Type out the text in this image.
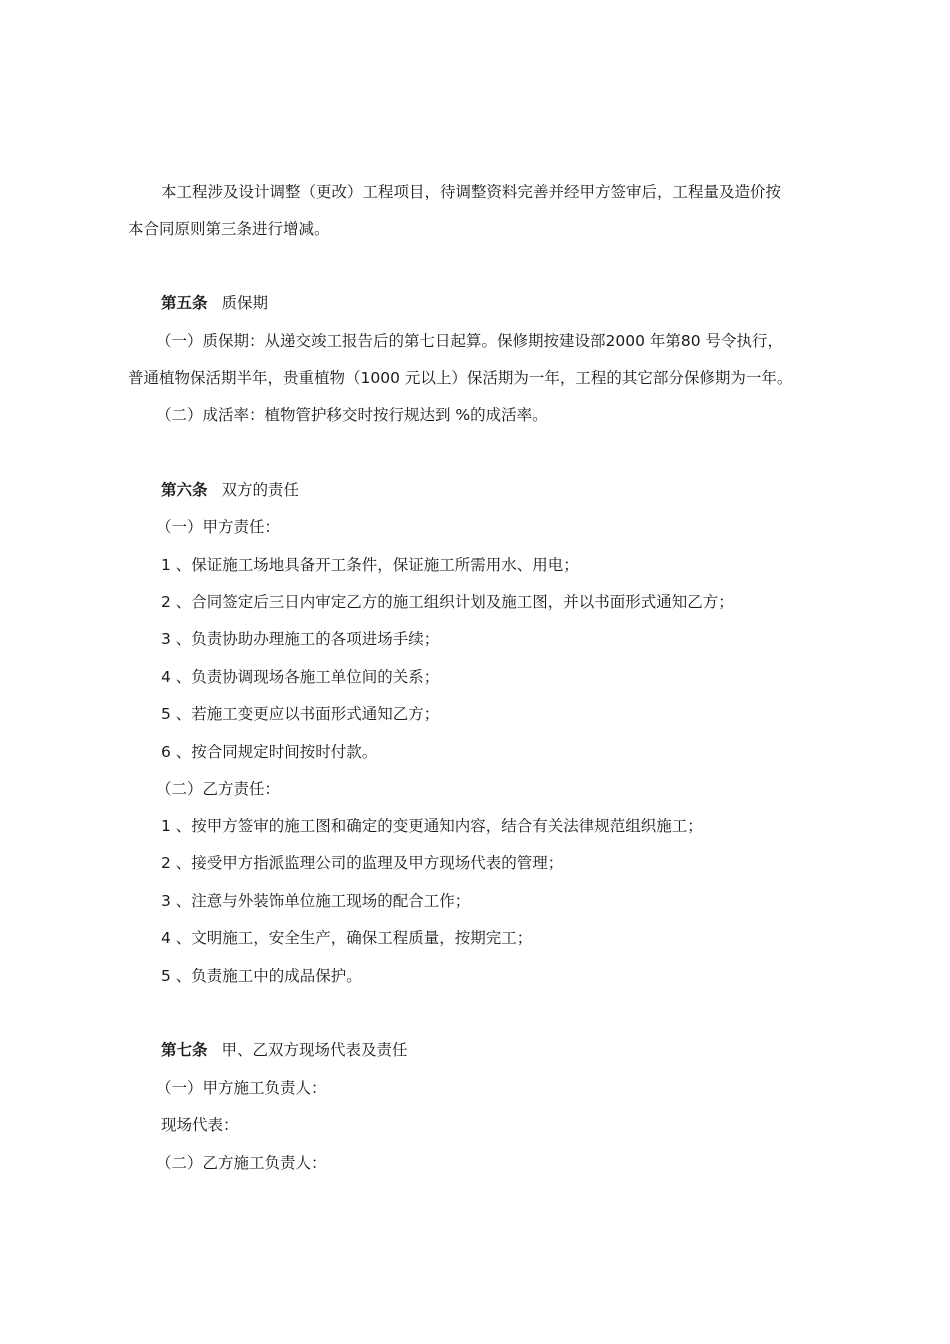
本工程涉及设计调整（更改）工程项目，待调整资料完善并经甲方签审后，工程量及造价按
本合同原则第三条进行增减。
第五条 质保期
（一）质保期：从递交竣工报告后的第七日起算。保修期按建设部2000 年第80 号令执行，
普通植物保活期半年，贵重植物（1000 元以上）保活期为一年，工程的其它部分保修期为一年。
（二）成活率：植物管护移交时按行规达到 %的成活率。
第六条 双方的责任
（一）甲方责任：
1 、保证施工场地具备开工条件，保证施工所需用水、用电；
2 、合同签定后三日内审定乙方的施工组织计划及施工图，并以书面形式通知乙方；
3 、负责协助办理施工的各项进场手续；
4 、负责协调现场各施工单位间的关系；
5 、若施工变更应以书面形式通知乙方；
6 、按合同规定时间按时付款。
（二）乙方责任：
1 、按甲方签审的施工图和确定的变更通知内容，结合有关法律规范组织施工；
2 、接受甲方指派监理公司的监理及甲方现场代表的管理；
3 、注意与外装饰单位施工现场的配合工作；
4 、文明施工，安全生产，确保工程质量，按期完工；
5 、负责施工中的成品保护。
第七条 甲、乙双方现场代表及责任
（一）甲方施工负责人：
现场代表：
（二）乙方施工负责人：
